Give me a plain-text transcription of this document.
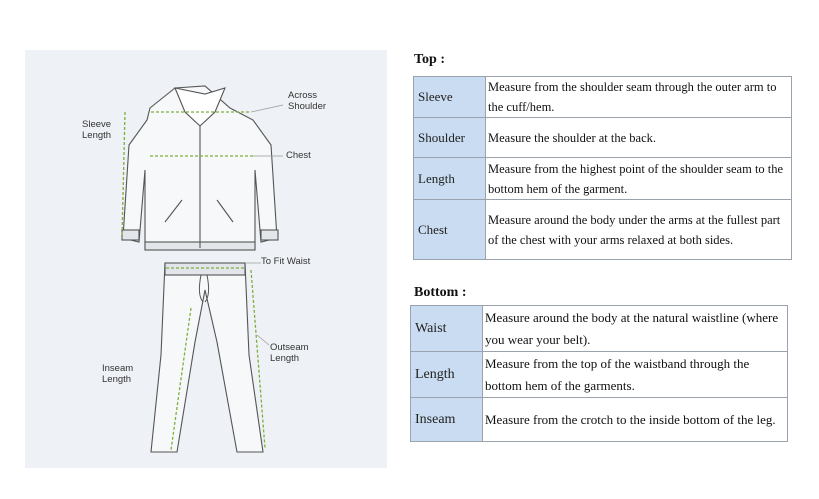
Across
Shoulder

Sleeve
Length

Chest

To Fit Waist

Outseam
Length

Inseam
Length

Top :

Sleeve	Measure from the shoulder seam through the outer arm to the cuff/hem.
Shoulder	Measure the shoulder at the back.
Length	Measure from the highest point of the shoulder seam to the bottom hem of the garment.
Chest	Measure around the body under the arms at the fullest part of the chest with your arms relaxed at both sides.

Bottom :

Waist	Measure around the body at the natural waistline (where you wear your belt).
Length	Measure from the top of the waistband through the bottom hem of the garments.
Inseam	Measure from the crotch to the inside bottom of the leg.
